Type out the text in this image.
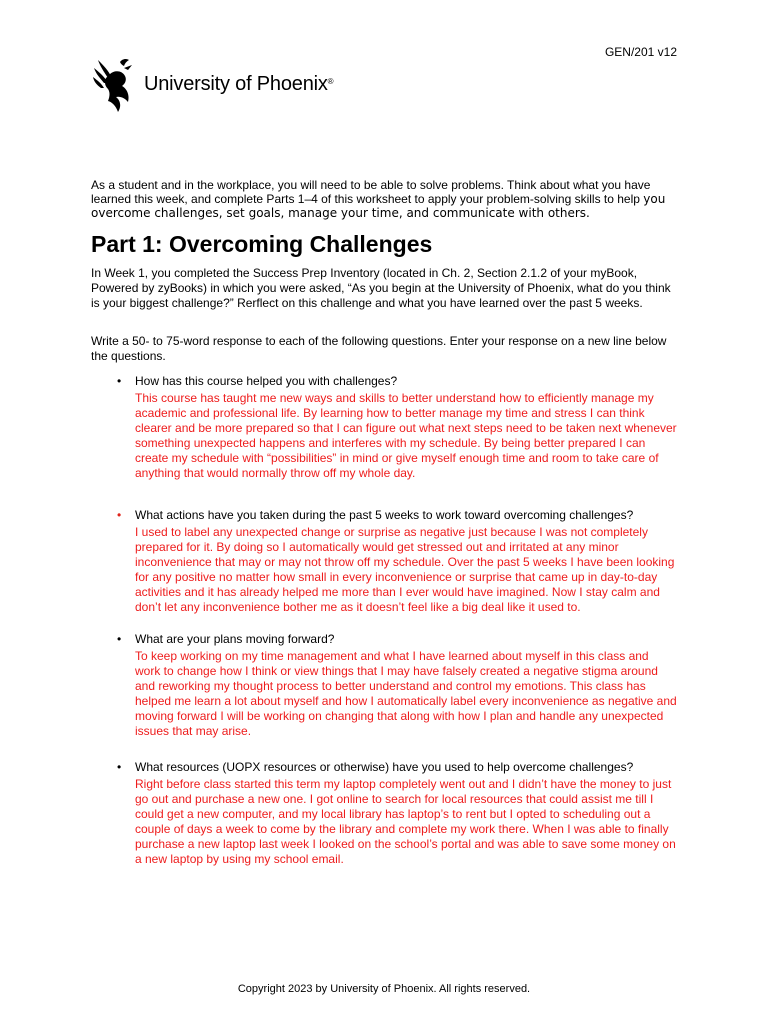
GEN/201 v12
University of Phoenix®
As a student and in the workplace, you will need to be able to solve problems. Think about what you have learned this week, and complete Parts 1–4 of this worksheet to apply your problem-solving skills to help you overcome challenges, set goals, manage your time, and communicate with others.
Part 1: Overcoming Challenges

In Week 1, you completed the Success Prep Inventory (located in Ch. 2, Section 2.1.2 of your myBook, Powered by zyBooks) in which you were asked, “As you begin at the University of Phoenix, what do you think is your biggest challenge?” Rerflect on this challenge and what you have learned over the past 5 weeks.

Write a 50- to 75-word response to each of the following questions. Enter your response on a new line below the questions.

•	How has this course helped you with challenges?
This course has taught me new ways and skills to better understand how to efficiently manage my academic and professional life. By learning how to better manage my time and stress I can think clearer and be more prepared so that I can figure out what next steps need to be taken next whenever something unexpected happens and interferes with my schedule. By being better prepared I can create my schedule with “possibilities” in mind or give myself enough time and room to take care of anything that would normally throw off my whole day.
•	What actions have you taken during the past 5 weeks to work toward overcoming challenges?
I used to label any unexpected change or surprise as negative just because I was not completely prepared for it. By doing so I automatically would get stressed out and irritated at any minor inconvenience that may or may not throw off my schedule. Over the past 5 weeks I have been looking for any positive no matter how small in every inconvenience or surprise that came up in day-to-day activities and it has already helped me more than I ever would have imagined. Now I stay calm and don’t let any inconvenience bother me as it doesn’t feel like a big deal like it used to.
•	What are your plans moving forward?
To keep working on my time management and what I have learned about myself in this class and work to change how I think or view things that I may have falsely created a negative stigma around and reworking my thought process to better understand and control my emotions. This class has helped me learn a lot about myself and how I automatically label every inconvenience as negative and moving forward I will be working on changing that along with how I plan and handle any unexpected issues that may arise.
•	What resources (UOPX resources or otherwise) have you used to help overcome challenges?
Right before class started this term my laptop completely went out and I didn’t have the money to just go out and purchase a new one. I got online to search for local resources that could assist me till I could get a new computer, and my local library has laptop’s to rent but I opted to scheduling out a couple of days a week to come by the library and complete my work there. When I was able to finally purchase a new laptop last week I looked on the school’s portal and was able to save some money on a new laptop by using my school email.
Copyright 2023 by University of Phoenix. All rights reserved.
